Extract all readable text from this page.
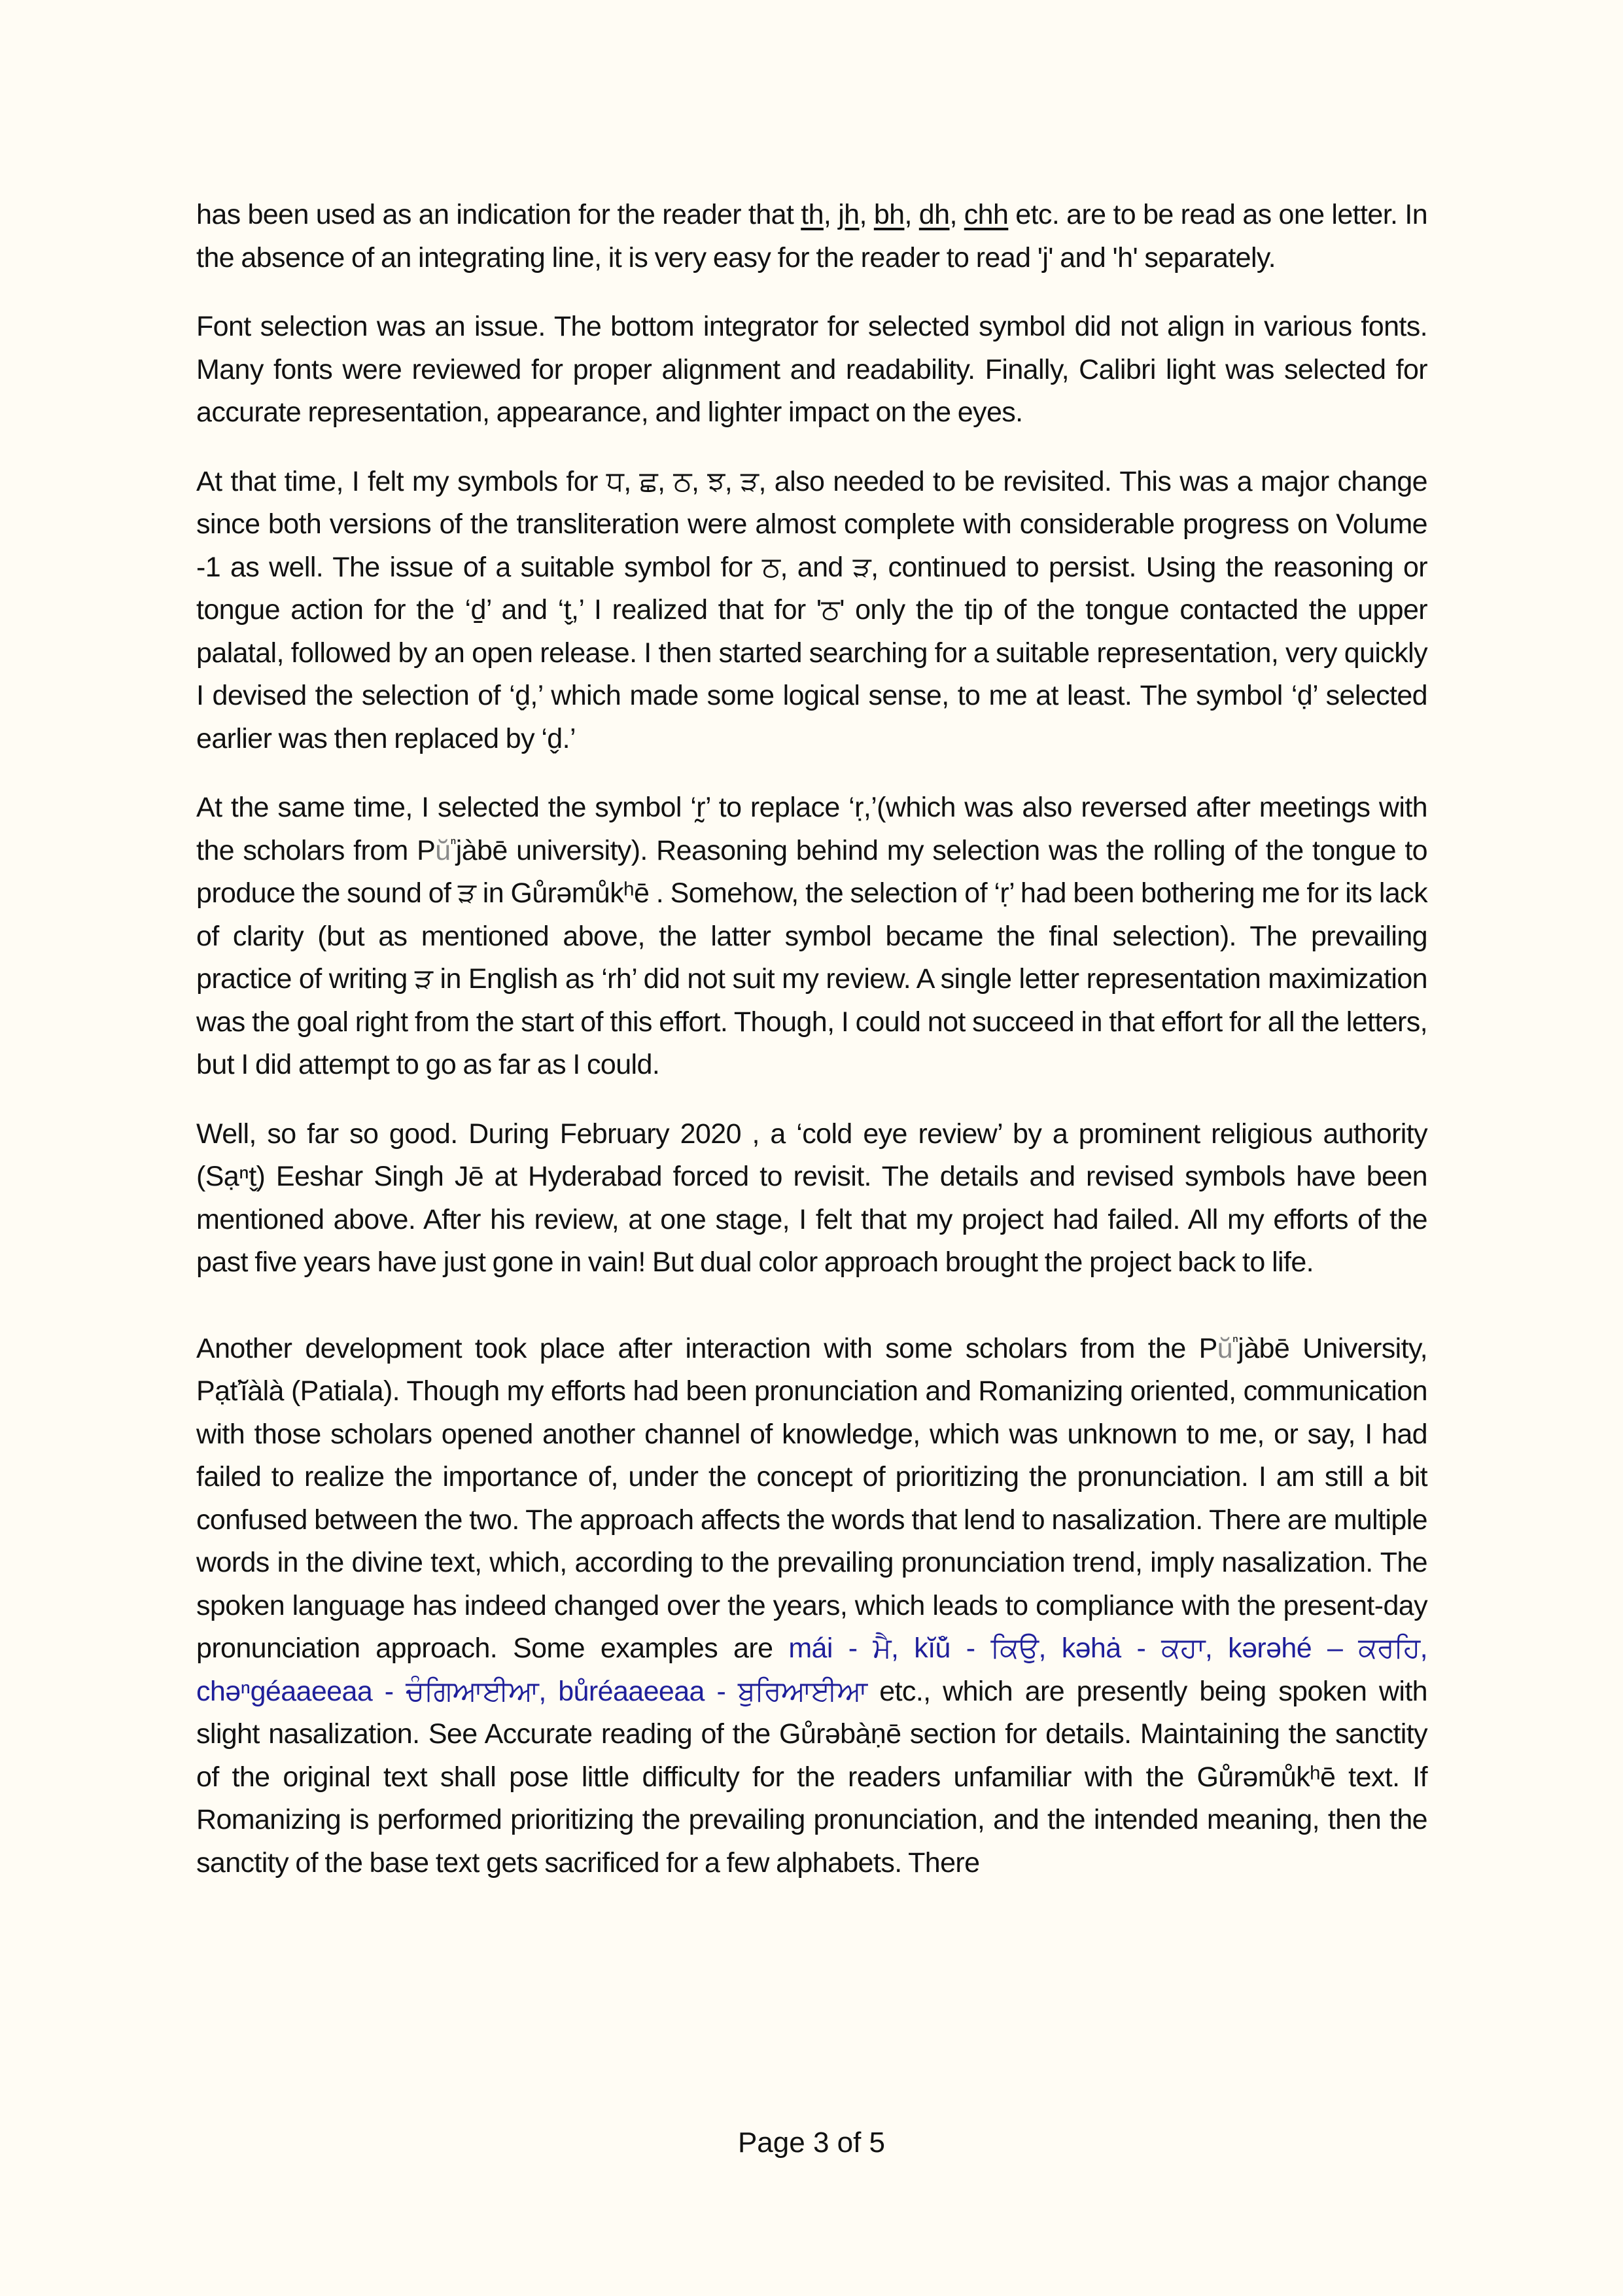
has been used as an indication for the reader that th, jh, bh, dh, chh etc. are to be read as one letter. In the absence of an integrating line, it is very easy for the reader to read 'j' and 'h' separately.

Font selection was an issue. The bottom integrator for selected symbol did not align in various fonts. Many fonts were reviewed for proper alignment and readability. Finally, Calibri light was selected for accurate representation, appearance, and lighter impact on the eyes.

At that time, I felt my symbols for ਧ, ਛ, ਠ, ਝ, ੜ, also needed to be revisited. This was a major change since both versions of the transliteration were almost complete with considerable progress on Volume -1 as well. The issue of a suitable symbol for ਠ, and ੜ, continued to persist. Using the reasoning or tongue action for the ‘d̠’ and ‘t̬,’ I realized that for 'ਠ' only the tip of the tongue contacted the upper palatal, followed by an open release. I then started searching for a suitable representation, very quickly I devised the selection of ‘d̬,’ which made some logical sense, to me at least. The symbol ‘ḍ’ selected earlier was then replaced by ‘d̬.’

At the same time, I selected the symbol ‘r̰’ to replace ‘ṛ,’(which was also reversed after meetings with the scholars from $Pŭ^{^n}jàbē$ university). Reasoning behind my selection was the rolling of the tongue to produce the sound of ੜ in Gůrəmůkʰē . Somehow, the selection of ‘ṛ’ had been bothering me for its lack of clarity (but as mentioned above, the latter symbol became the final selection). The prevailing practice of writing ੜ in English as ‘rh’ did not suit my review. A single letter representation maximization was the goal right from the start of this effort. Though, I could not succeed in that effort for all the letters, but I did attempt to go as far as I could.

Well, so far so good. During February 2020 , a ‘cold eye review’ by a prominent religious authority (Sạⁿt̬) Eeshar Singh Jē at Hyderabad forced to revisit. The details and revised symbols have been mentioned above. After his review, at one stage, I felt that my project had failed. All my efforts of the past five years have just gone in vain! But dual color approach brought the project back to life.

Another development took place after interaction with some scholars from the $Pŭ^{^n}jàbē$ University, Pạťĭàlà (Patiala). Though my efforts had been pronunciation and Romanizing oriented, communication with those scholars opened another channel of knowledge, which was unknown to me, or say, I had failed to realize the importance of, under the concept of prioritizing the pronunciation. I am still a bit confused between the two. The approach affects the words that lend to nasalization. There are multiple words in the divine text, which, according to the prevailing pronunciation trend, imply nasalization. The spoken language has indeed changed over the years, which leads to compliance with the present-day pronunciation approach. Some examples are mái - ਮੈ, kĭŭ̊ - ਕਿਉ, kəhȧ - ਕਹਾ, kərəhé – ਕਰਹਿ, chəⁿgéaaeeaa - ਚੰਗਿਆਈਆ, bůréaaeeaa - ਬੁਰਿਆਈਆ etc., which are presently being spoken with slight nasalization. See Accurate reading of the Gůrəbàṇē section for details. Maintaining the sanctity of the original text shall pose little difficulty for the readers unfamiliar with the Gůrəmůkʰē text. If Romanizing is performed prioritizing the prevailing pronunciation, and the intended meaning, then the sanctity of the base text gets sacrificed for a few alphabets. There

Page 3 of 5
